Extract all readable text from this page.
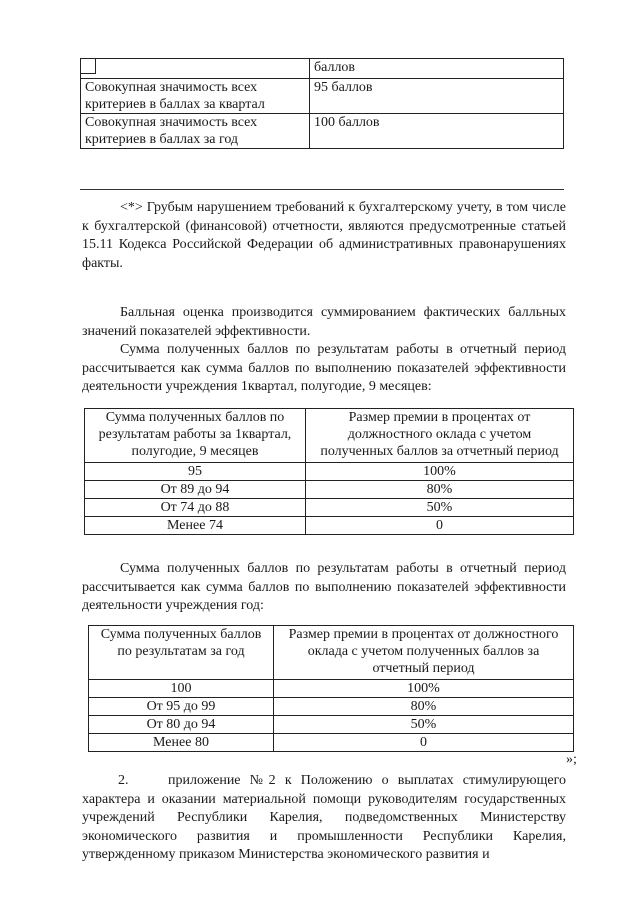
	баллов
Совокупная значимость всех критериев в баллах за квартал	95 баллов
Совокупная значимость всех критериев в баллах за год	100 баллов

<*> Грубым нарушением требований к бухгалтерскому учету, в том числе к бухгалтерской (финансовой) отчетности, являются предусмотренные статьей 15.11 Кодекса Российской Федерации об административных правонарушениях факты.

Балльная оценка производится суммированием фактических балльных значений показателей эффективности.

Сумма полученных баллов по результатам работы в отчетный период рассчитывается как сумма баллов по выполнению показателей эффективности деятельности учреждения 1квартал, полугодие, 9 месяцев:

Сумма полученных баллов по результатам работы за 1квартал, полугодие, 9 месяцев	Размер премии в процентах от должностного оклада с учетом полученных баллов за отчетный период
95	100%
От 89 до 94	80%
От 74 до 88	50%
Менее 74	0

Сумма полученных баллов по результатам работы в отчетный период рассчитывается как сумма баллов по выполнению показателей эффективности деятельности учреждения год:

Сумма полученных баллов по результатам за год	Размер премии в процентах от должностного оклада с учетом полученных баллов за отчетный период
100	100%
От 95 до 99	80%
От 80 до 94	50%
Менее 80	0
»;
2.	приложение №2 к Положению о выплатах стимулирующего характера и оказании материальной помощи руководителям государственных учреждений Республики Карелия, подведомственных Министерству экономического развития и промышленности Республики Карелия, утвержденному приказом Министерства экономического развития и
